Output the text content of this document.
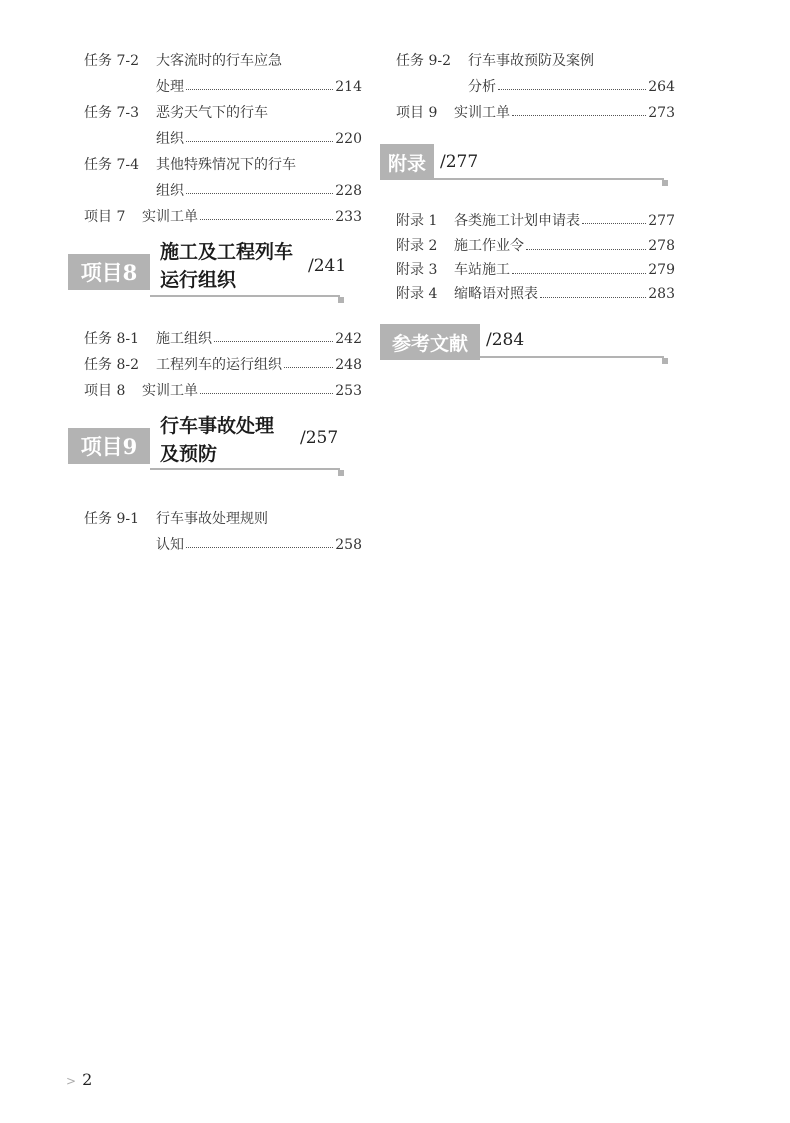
任务 7-2	大客流时的行车应急
处理	214
任务 7-3	恶劣天气下的行车
组织	220
任务 7-4	其他特殊情况下的行车
组织	228
项目 7	实训工单	233
项目8
施工及工程列车
运行组织
/241
任务 8-1	施工组织	242
任务 8-2	工程列车的运行组织	248
项目 8	实训工单	253
项目9
行车事故处理
及预防
/257
任务 9-1	行车事故处理规则
认知	258
任务 9-2	行车事故预防及案例
分析	264
项目 9	实训工单	273
附录 /277
附录 1	各类施工计划申请表	277
附录 2	施工作业令	278
附录 3	车站施工	279
附录 4	缩略语对照表	283
参考文献	/284
> 2
